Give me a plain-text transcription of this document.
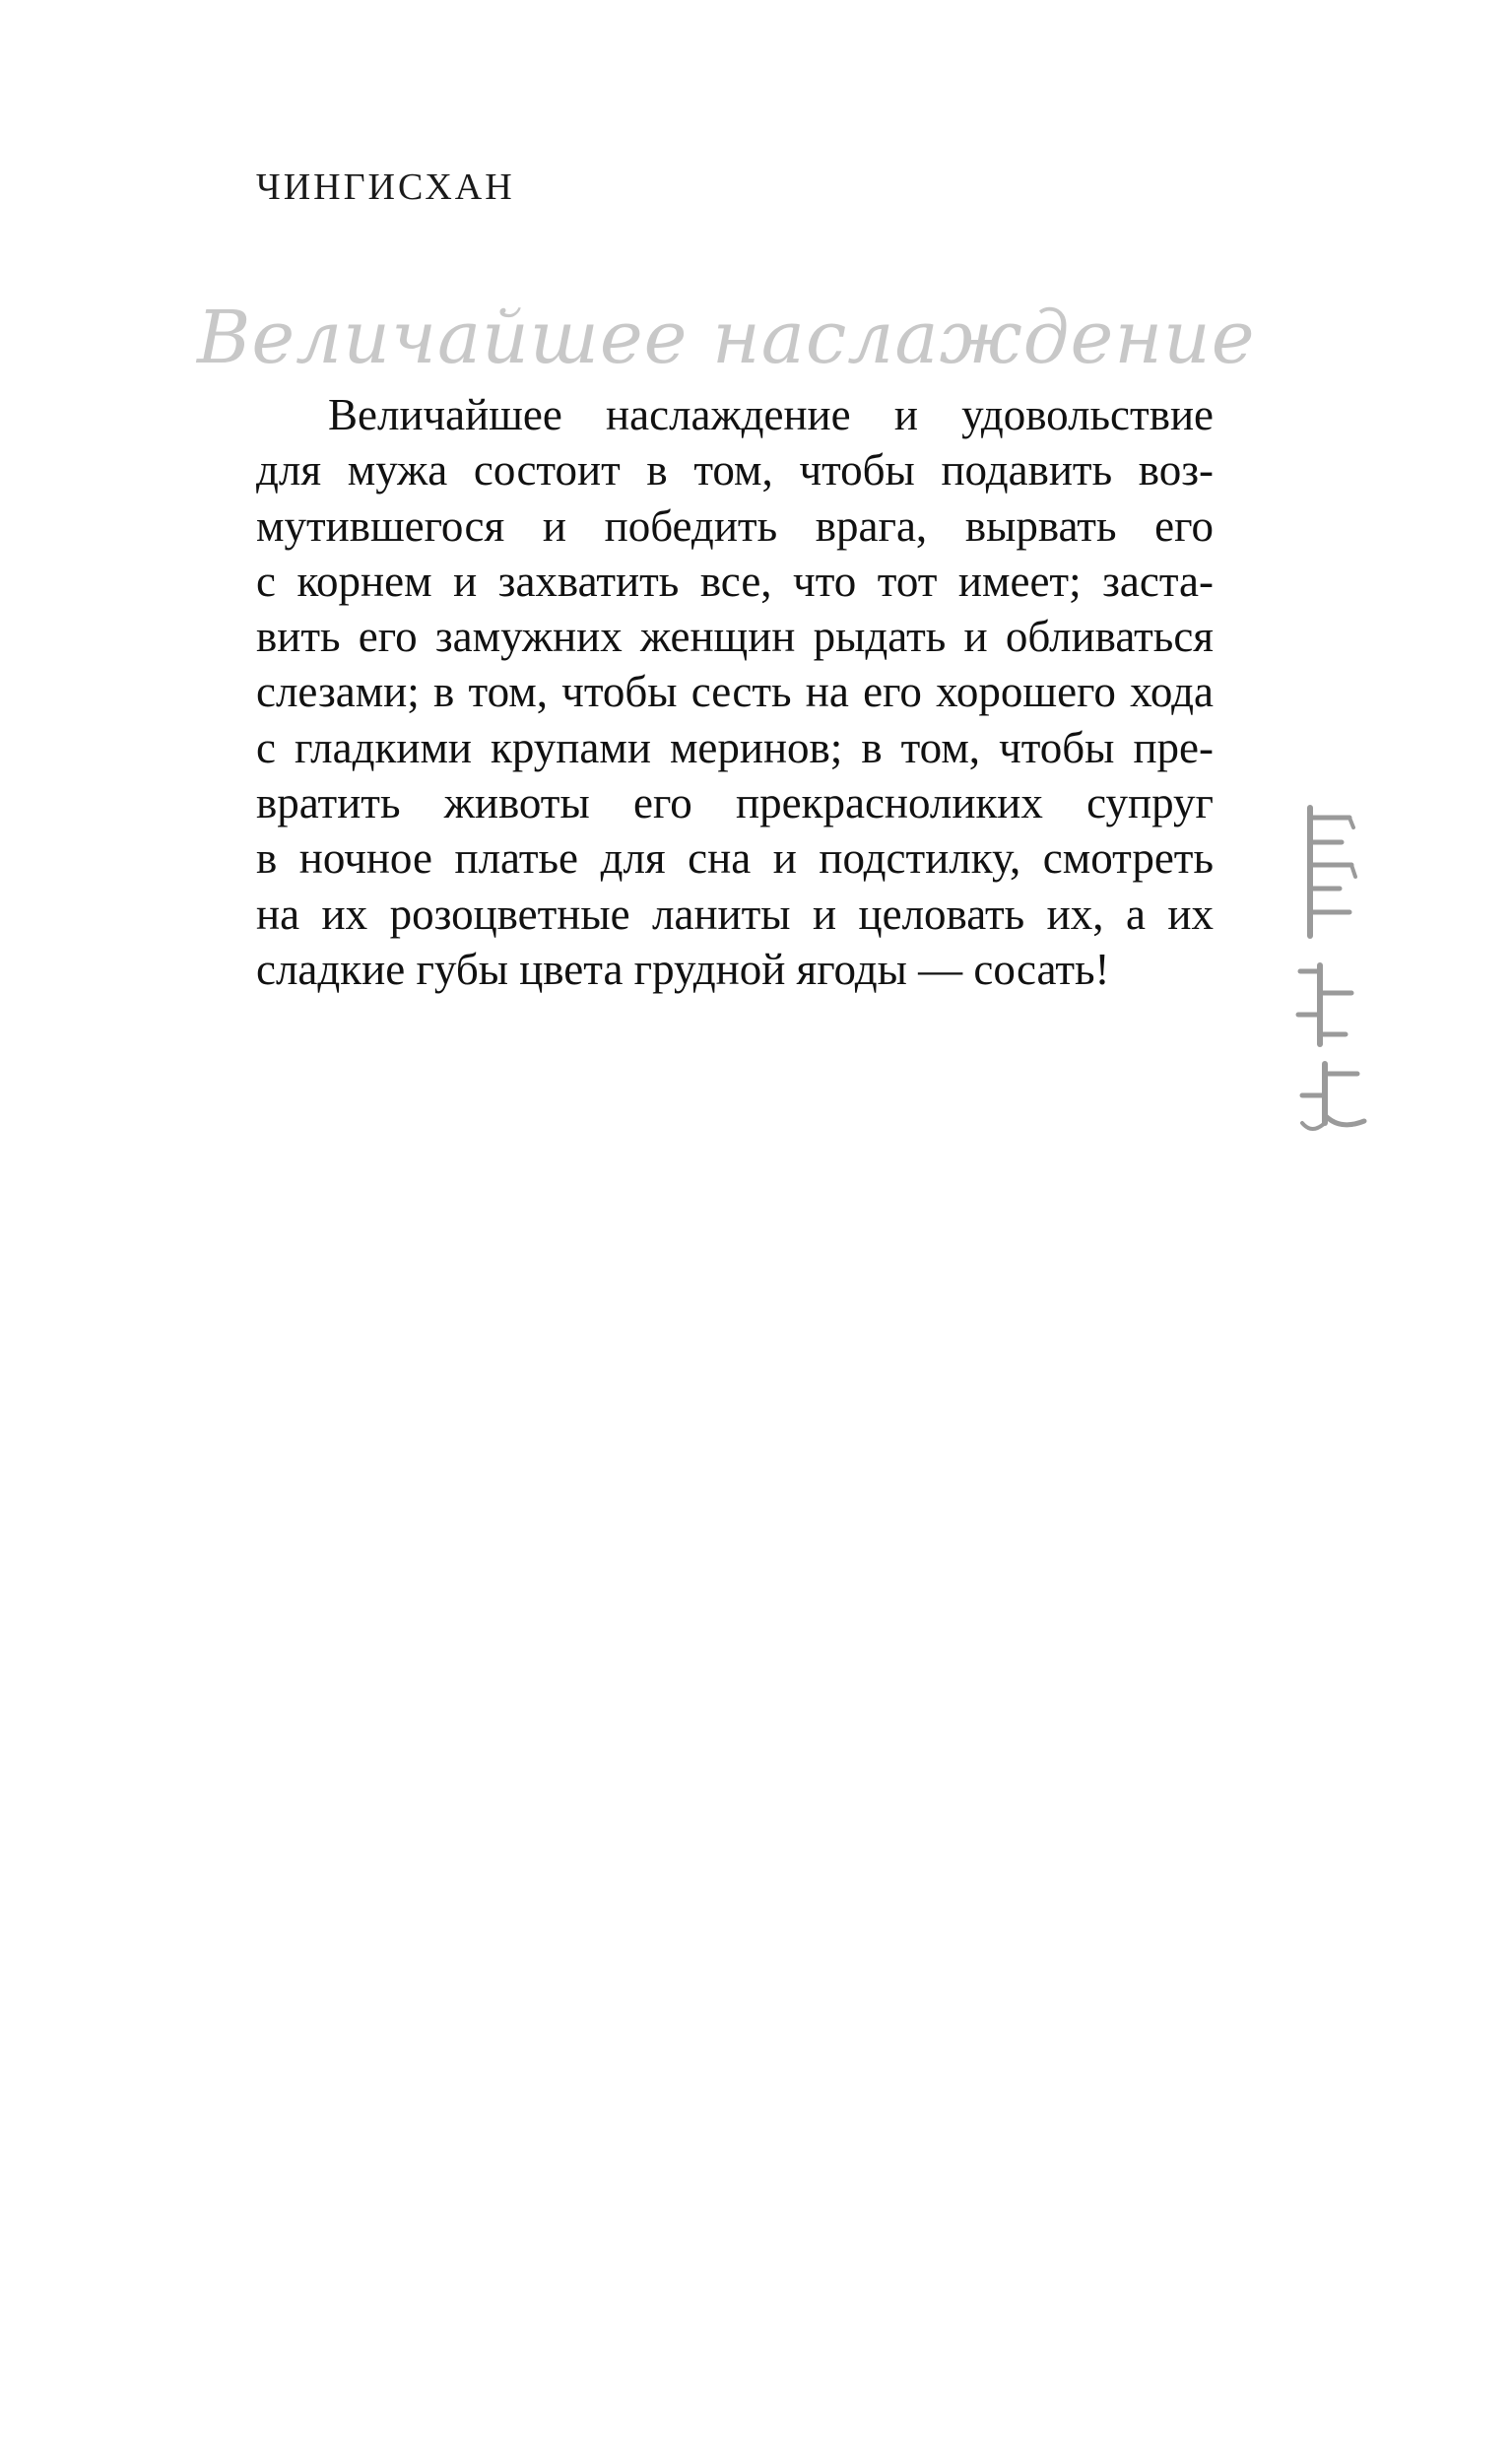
ЧИНГИСХАН
Величайшее наслаждение
Величайшее наслаждение и удовольствие
для мужа состоит в том, чтобы подавить воз-
мутившегося и победить врага, вырвать его
с корнем и захватить все, что тот имеет; заста-
вить его замужних женщин рыдать и обливаться
слезами; в том, чтобы сесть на его хорошего хода
с гладкими крупами меринов; в том, чтобы пре-
вратить животы его прекрасноликих супруг
в ночное платье для сна и подстилку, смотреть
на их розоцветные ланиты и целовать их, а их
сладкие губы цвета грудной ягоды — сосать!
